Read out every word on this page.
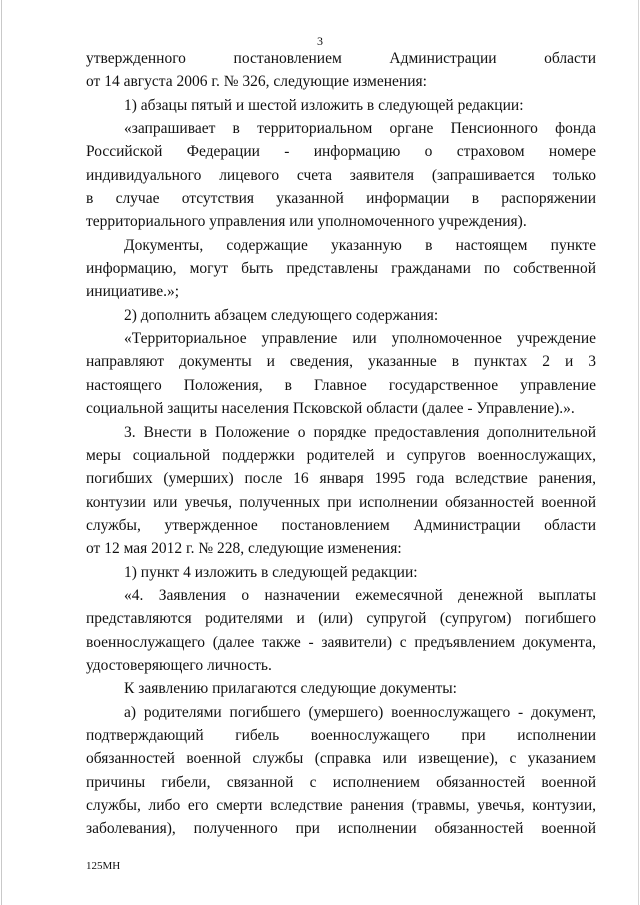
3
утвержденного постановлением Администрации области
от 14 августа 2006 г. № 326, следующие изменения:
1) абзацы пятый и шестой изложить в следующей редакции:
«запрашивает в территориальном органе Пенсионного фонда
Российской Федерации - информацию о страховом номере
индивидуального лицевого счета заявителя (запрашивается только
в случае отсутствия указанной информации в распоряжении
территориального управления или уполномоченного учреждения).
Документы, содержащие указанную в настоящем пункте
информацию, могут быть представлены гражданами по собственной
инициативе.»;
2) дополнить абзацем следующего содержания:
«Территориальное управление или уполномоченное учреждение
направляют документы и сведения, указанные в пунктах 2 и 3
настоящего Положения, в Главное государственное управление
социальной защиты населения Псковской области (далее - Управление).».
3. Внести в Положение о порядке предоставления дополнительной
меры социальной поддержки родителей и супругов военнослужащих,
погибших (умерших) после 16 января 1995 года вследствие ранения,
контузии или увечья, полученных при исполнении обязанностей военной
службы, утвержденное постановлением Администрации области
от 12 мая 2012 г. № 228, следующие изменения:
1) пункт 4 изложить в следующей редакции:
«4. Заявления о назначении ежемесячной денежной выплаты
представляются родителями и (или) супругой (супругом) погибшего
военнослужащего (далее также - заявители) с предъявлением документа,
удостоверяющего личность.
К заявлению прилагаются следующие документы:
а) родителями погибшего (умершего) военнослужащего - документ,
подтверждающий гибель военнослужащего при исполнении
обязанностей военной службы (справка или извещение), с указанием
причины гибели, связанной с исполнением обязанностей военной
службы, либо его смерти вследствие ранения (травмы, увечья, контузии,
заболевания), полученного при исполнении обязанностей военной
125МН
